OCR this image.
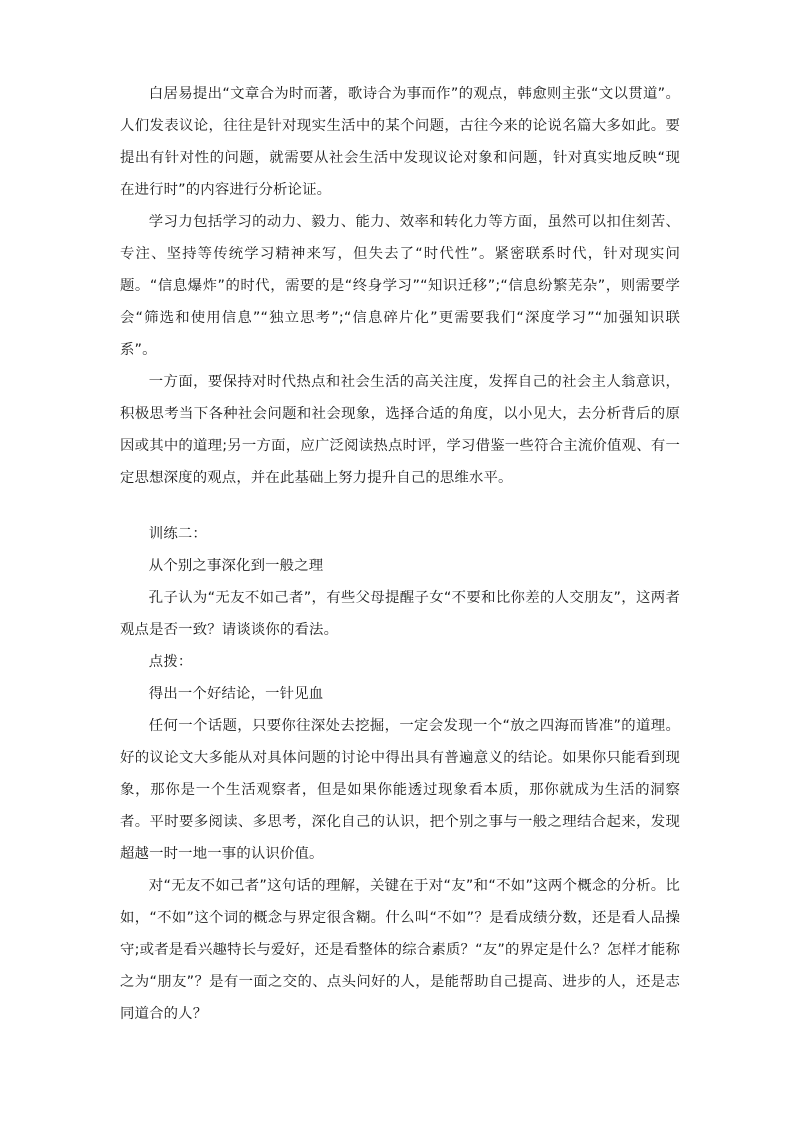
白居易提出“文章合为时而著，歌诗合为事而作”的观点，韩愈则主张“文以贯道”。人们发表议论，往往是针对现实生活中的某个问题，古往今来的论说名篇大多如此。要提出有针对性的问题，就需要从社会生活中发现议论对象和问题，针对真实地反映“现在进行时”的内容进行分析论证。

学习力包括学习的动力、毅力、能力、效率和转化力等方面，虽然可以扣住刻苦、专注、坚持等传统学习精神来写，但失去了“时代性”。紧密联系时代，针对现实问题。“信息爆炸”的时代，需要的是“终身学习”“知识迁移”;“信息纷繁芜杂”，则需要学会“筛选和使用信息”“独立思考”;“信息碎片化”更需要我们“深度学习”“加强知识联系”。

一方面，要保持对时代热点和社会生活的高关注度，发挥自己的社会主人翁意识，积极思考当下各种社会问题和社会现象，选择合适的角度，以小见大，去分析背后的原因或其中的道理;另一方面，应广泛阅读热点时评，学习借鉴一些符合主流价值观、有一定思想深度的观点，并在此基础上努力提升自己的思维水平。

训练二：

从个别之事深化到一般之理

孔子认为“无友不如己者”，有些父母提醒子女“不要和比你差的人交朋友”，这两者观点是否一致？请谈谈你的看法。

点拨：

得出一个好结论，一针见血

任何一个话题，只要你往深处去挖掘，一定会发现一个“放之四海而皆准”的道理。好的议论文大多能从对具体问题的讨论中得出具有普遍意义的结论。如果你只能看到现象，那你是一个生活观察者，但是如果你能透过现象看本质，那你就成为生活的洞察者。平时要多阅读、多思考，深化自己的认识，把个别之事与一般之理结合起来，发现超越一时一地一事的认识价值。

对“无友不如己者”这句话的理解，关键在于对“友”和“不如”这两个概念的分析。比如，“不如”这个词的概念与界定很含糊。什么叫“不如”？是看成绩分数，还是看人品操守;或者是看兴趣特长与爱好，还是看整体的综合素质？“友”的界定是什么？怎样才能称之为“朋友”？是有一面之交的、点头问好的人，是能帮助自己提高、进步的人，还是志同道合的人？
